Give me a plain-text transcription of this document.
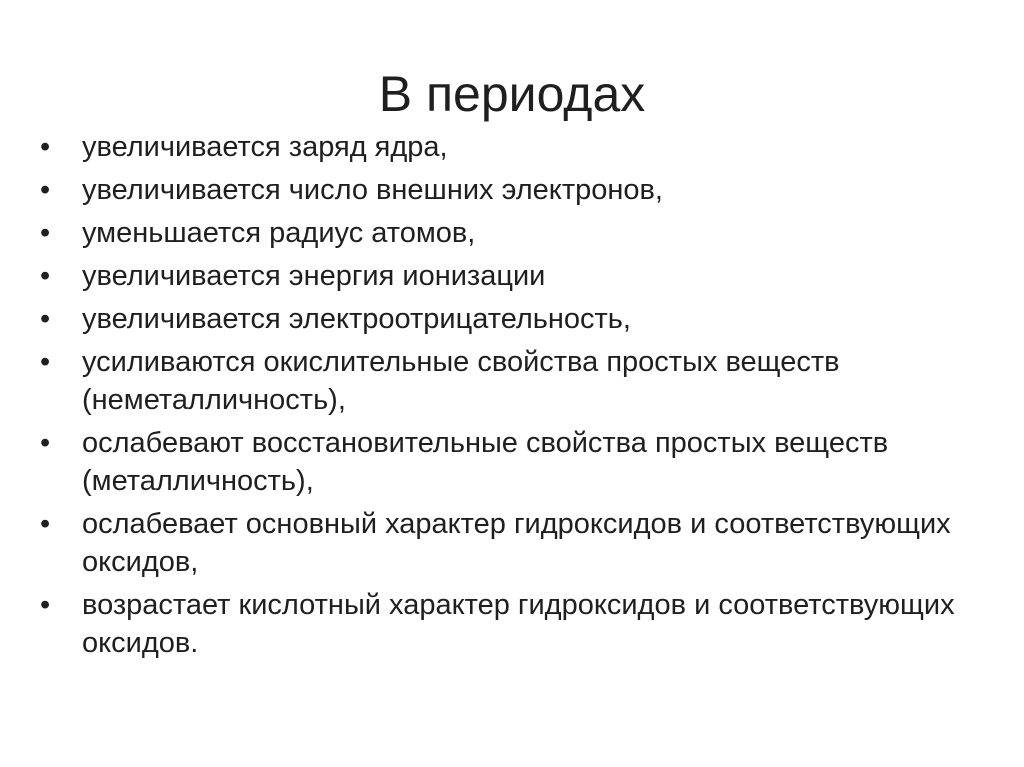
В периодах
• увеличивается заряд ядра,
• увеличивается число внешних электронов,
• уменьшается радиус атомов,
• увеличивается энергия ионизации
• увеличивается электроотрицательность,
• усиливаются окислительные свойства простых веществ (неметалличность),
• ослабевают восстановительные свойства простых веществ (металличность),
• ослабевает основный характер гидроксидов и соответствующих оксидов,
• возрастает кислотный характер гидроксидов и соответствующих оксидов.
